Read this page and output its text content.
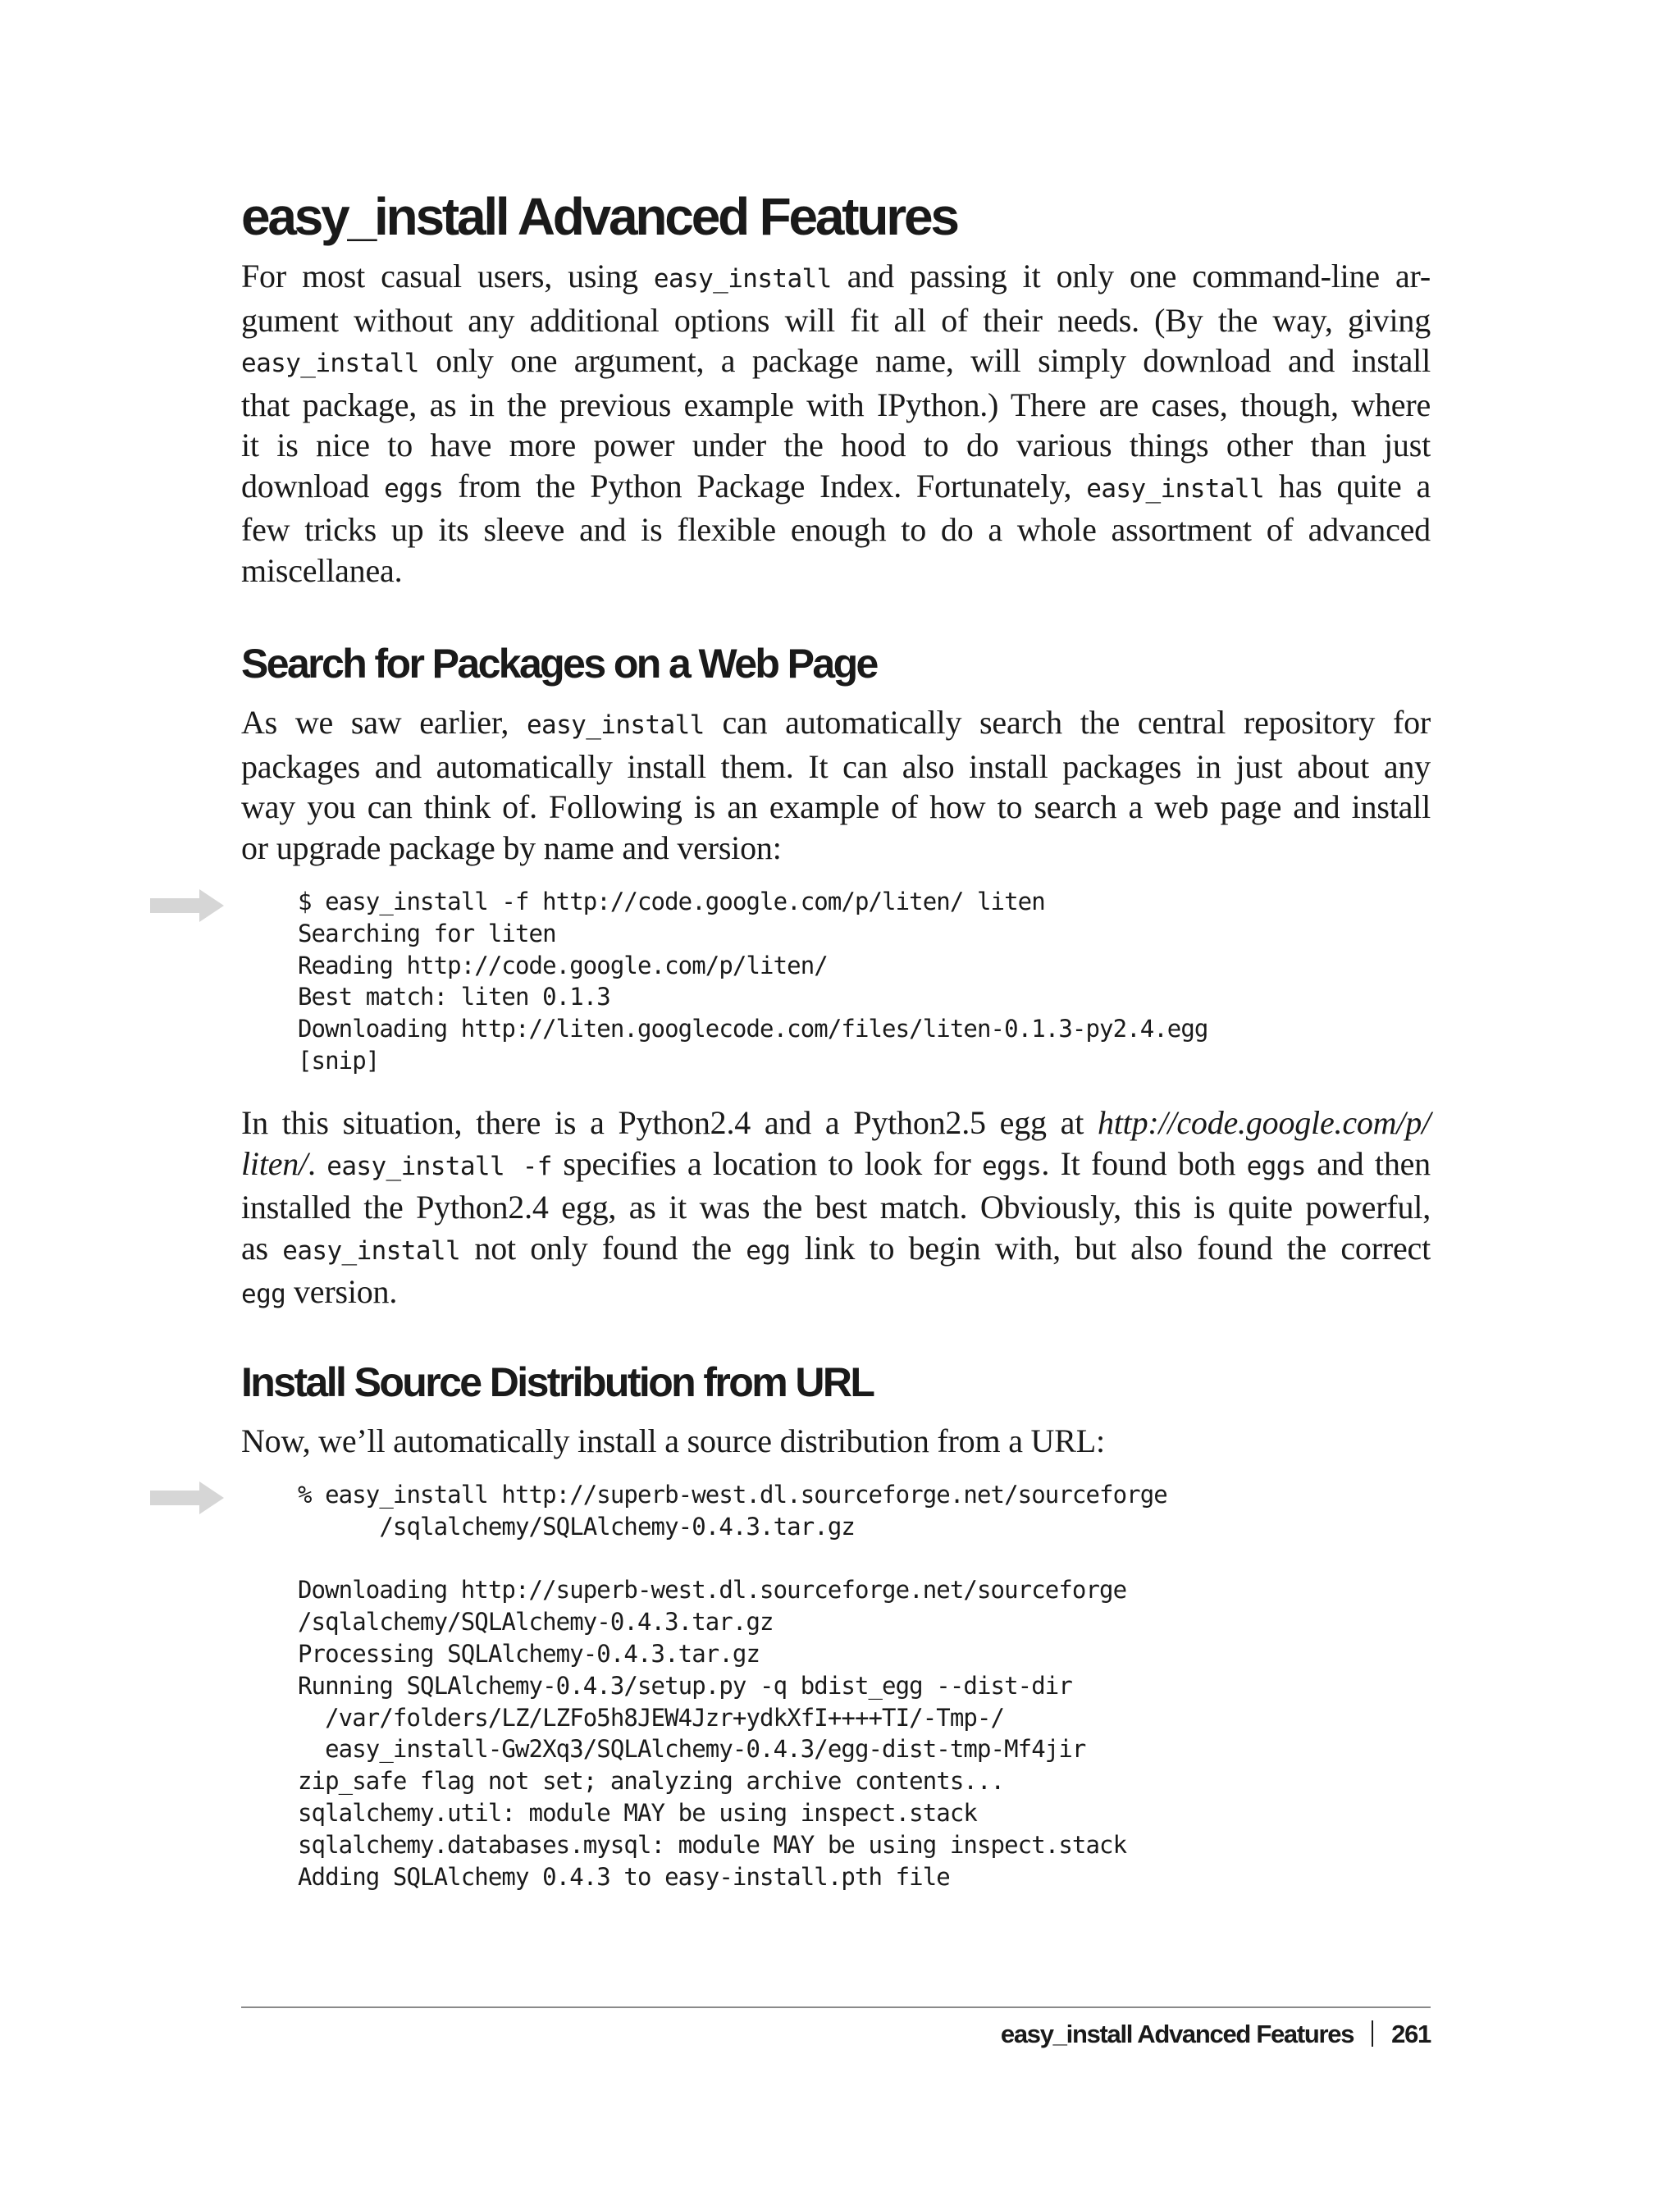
easy_install Advanced Features
For most casual users, using easy_install and passing it only one command-line ar-
gument without any additional options will fit all of their needs. (By the way, giving
easy_install only one argument, a package name, will simply download and install
that package, as in the previous example with IPython.) There are cases, though, where
it is nice to have more power under the hood to do various things other than just
download eggs from the Python Package Index. Fortunately, easy_install has quite a
few tricks up its sleeve and is flexible enough to do a whole assortment of advanced
miscellanea.
Search for Packages on a Web Page
As we saw earlier, easy_install can automatically search the central repository for
packages and automatically install them. It can also install packages in just about any
way you can think of. Following is an example of how to search a web page and install
or upgrade package by name and version:
$ easy_install -f http://code.google.com/p/liten/ liten
Searching for liten
Reading http://code.google.com/p/liten/
Best match: liten 0.1.3
Downloading http://liten.googlecode.com/files/liten-0.1.3-py2.4.egg
[snip]
In this situation, there is a Python2.4 and a Python2.5 egg at http://code.google.com/p/
liten/. easy_install -f specifies a location to look for eggs. It found both eggs and then
installed the Python2.4 egg, as it was the best match. Obviously, this is quite powerful,
as easy_install not only found the egg link to begin with, but also found the correct
egg version.
Install Source Distribution from URL
Now, we’ll automatically install a source distribution from a URL:
% easy_install http://superb-west.dl.sourceforge.net/sourceforge
/sqlalchemy/SQLAlchemy-0.4.3.tar.gz

Downloading http://superb-west.dl.sourceforge.net/sourceforge
/sqlalchemy/SQLAlchemy-0.4.3.tar.gz
Processing SQLAlchemy-0.4.3.tar.gz
Running SQLAlchemy-0.4.3/setup.py -q bdist_egg --dist-dir
/var/folders/LZ/LZFo5h8JEW4Jzr+ydkXfI++++TI/-Tmp-/
easy_install-Gw2Xq3/SQLAlchemy-0.4.3/egg-dist-tmp-Mf4jir
zip_safe flag not set; analyzing archive contents...
sqlalchemy.util: module MAY be using inspect.stack
sqlalchemy.databases.mysql: module MAY be using inspect.stack
Adding SQLAlchemy 0.4.3 to easy-install.pth file
easy_install Advanced Features 261
